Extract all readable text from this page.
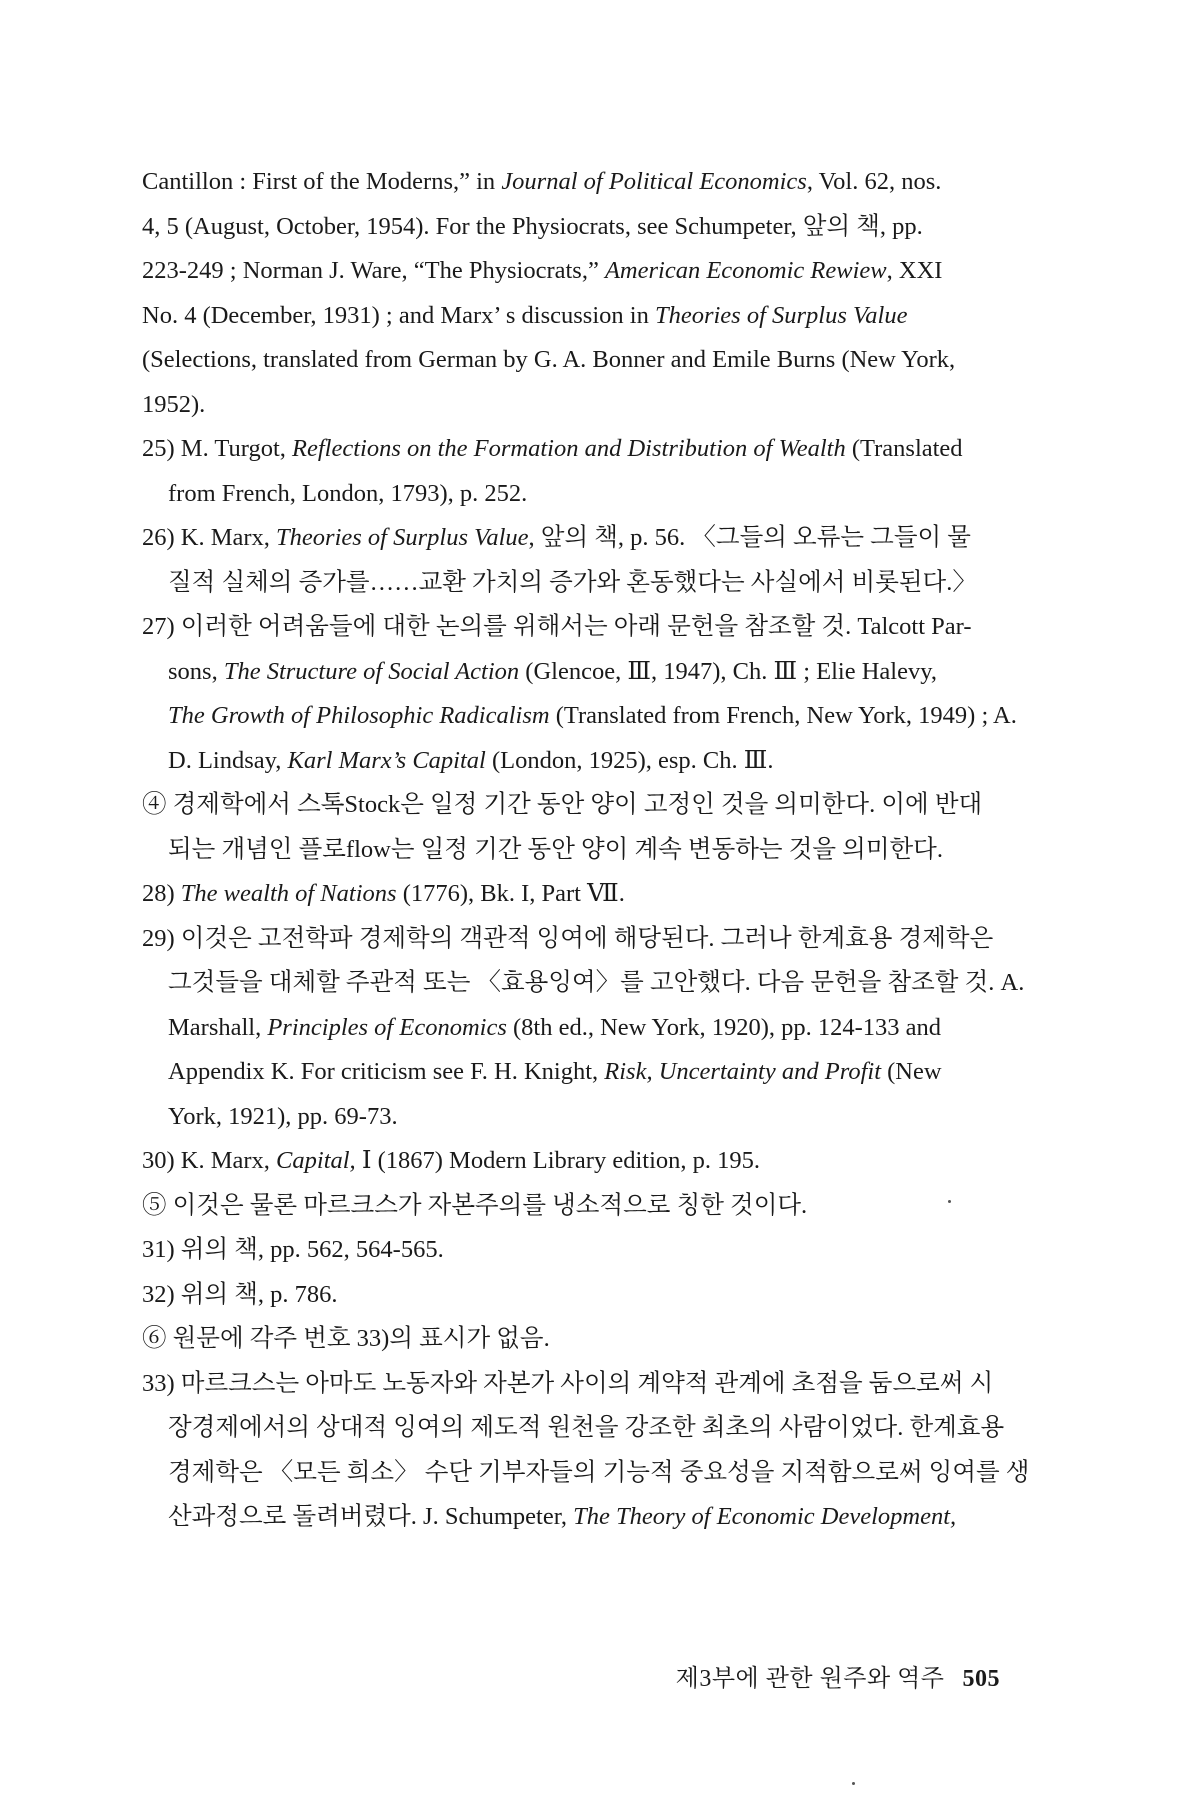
Cantillon : First of the Moderns,” in Journal of Political Economics, Vol. 62, nos.
4, 5 (August, October, 1954). For the Physiocrats, see Schumpeter, 앞의 책, pp.
223-249 ; Norman J. Ware, “The Physiocrats,” American Economic Rewiew, XXI
No. 4 (December, 1931) ; and Marx’ s discussion in Theories of Surplus Value
(Selections, translated from German by G. A. Bonner and Emile Burns (New York,
1952).
25) M. Turgot, Reflections on the Formation and Distribution of Wealth (Translated
from French, London, 1793), p. 252.
26) K. Marx, Theories of Surplus Value, 앞의 책, p. 56. 〈그들의 오류는 그들이 물
질적 실체의 증가를……교환 가치의 증가와 혼동했다는 사실에서 비롯된다.〉
27) 이러한 어려움들에 대한 논의를 위해서는 아래 문헌을 참조할 것. Talcott Par-
sons, The Structure of Social Action (Glencoe, Ⅲ, 1947), Ch. Ⅲ ; Elie Halevy,
The Growth of Philosophic Radicalism (Translated from French, New York, 1949) ; A.
D. Lindsay, Karl Marx’s Capital (London, 1925), esp. Ch. Ⅲ.
④ 경제학에서 스톡Stock은 일정 기간 동안 양이 고정인 것을 의미한다. 이에 반대
되는 개념인 플로flow는 일정 기간 동안 양이 계속 변동하는 것을 의미한다.
28) The wealth of Nations (1776), Bk. I, Part Ⅶ.
29) 이것은 고전학파 경제학의 객관적 잉여에 해당된다. 그러나 한계효용 경제학은
그것들을 대체할 주관적 또는 〈효용잉여〉를 고안했다. 다음 문헌을 참조할 것. A.
Marshall, Principles of Economics (8th ed., New York, 1920), pp. 124-133 and
Appendix K. For criticism see F. H. Knight, Risk, Uncertainty and Profit (New
York, 1921), pp. 69-73.
30) K. Marx, Capital, Ⅰ (1867) Modern Library edition, p. 195.
⑤ 이것은 물론 마르크스가 자본주의를 냉소적으로 칭한 것이다.
31) 위의 책, pp. 562, 564-565.
32) 위의 책, p. 786.
⑥ 원문에 각주 번호 33)의 표시가 없음.
33) 마르크스는 아마도 노동자와 자본가 사이의 계약적 관계에 초점을 둠으로써 시
장경제에서의 상대적 잉여의 제도적 원천을 강조한 최초의 사람이었다. 한계효용
경제학은 〈모든 희소〉 수단 기부자들의 기능적 중요성을 지적함으로써 잉여를 생
산과정으로 돌려버렸다. J. Schumpeter, The Theory of Economic Development,
제3부에 관한 원주와 역주 505
